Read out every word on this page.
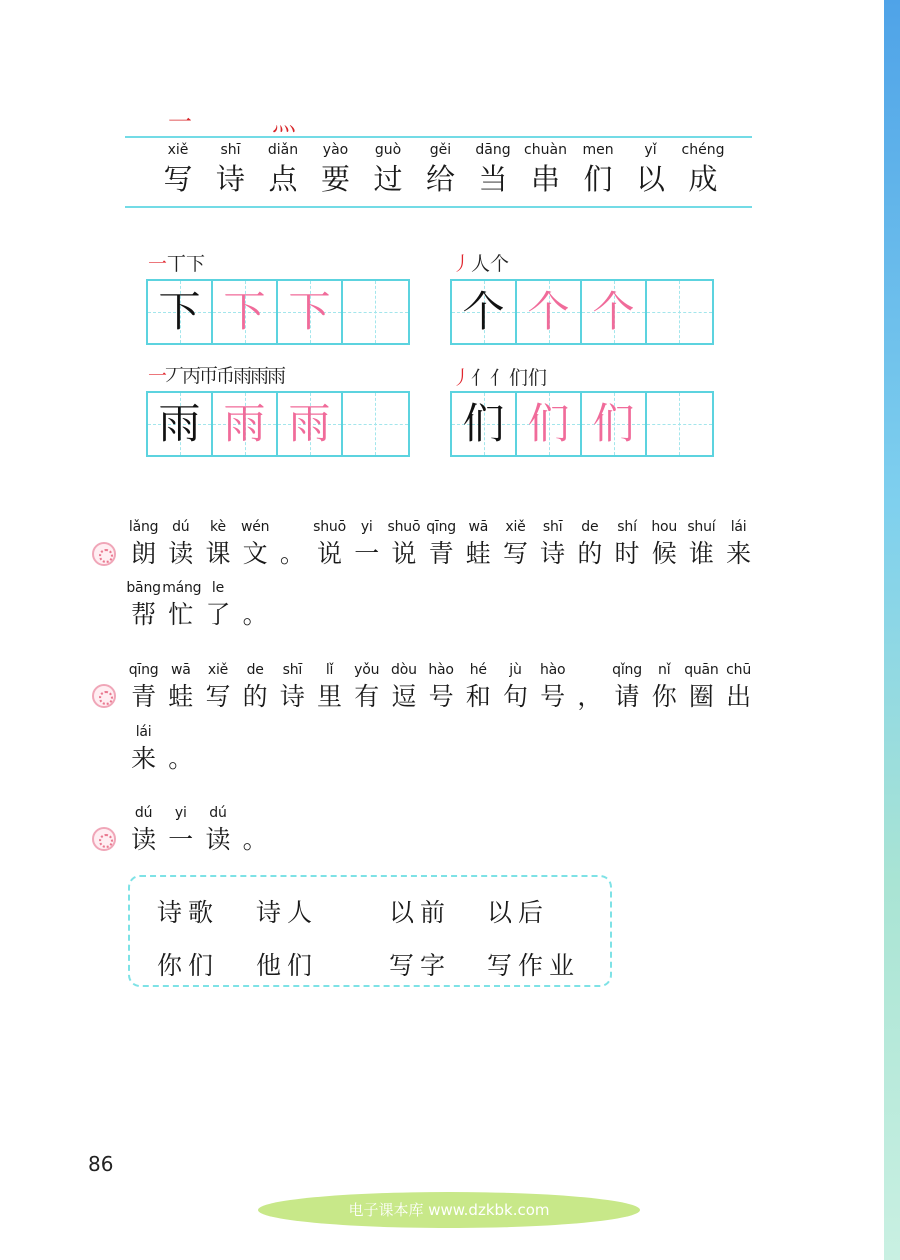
一	灬
xiě
写
shī
诗
diǎn
点
yào
要
guò
过
gěi
给
dāng
当
chuàn
串
men
们
yǐ
以
chéng
成
一丅下
下 下 下
丿人个
个 个 个
一丆丙帀币雨雨雨
雨 雨 雨
丿亻亻们们
们 们 们
lǎng
朗
dú
读
kè
课
wén
文 。
shuō
说
yi
一
shuō
说
qīng
青
wā
蛙
xiě
写
shī
诗
de
的
shí
时
hou
候
shuí
谁
lái
来
bāng
帮
máng
忙
le
了 。
qīng
青
wā
蛙
xiě
写
de
的
shī
诗
lǐ
里
yǒu
有
dòu
逗
hào
号
hé
和
jù
句
hào
号 ，
qǐng
请
nǐ
你
quān
圈
chū
出
lái
来 。
dú
读
yi
一
dú
读 。
诗歌 诗人	以前 以后
你们 他们	写字 写作业
86
电子课本库 www.dzkbk.com
